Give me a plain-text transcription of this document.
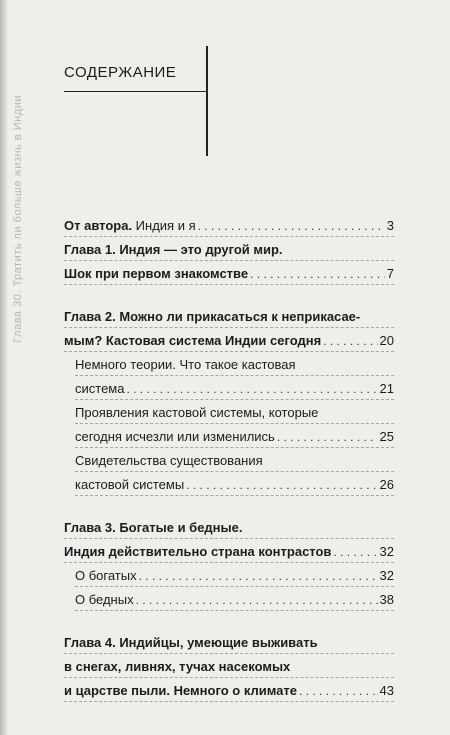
Глава 30. Тратить ли больше жизнь в Индии
СОДЕРЖАНИЕ
От автора. Индия и я . . .	3
Глава 1. Индия — это другой мир.
Шок при первом знакомстве . . .	7
Глава 2. Можно ли прикасаться к неприкасае-
мым? Кастовая система Индии сегодня . . .	20
Немного теории. Что такое кастовая
система . . .	21
Проявления кастовой системы, которые
сегодня исчезли или изменились . . .	25
Свидетельства существования
кастовой системы . . .	26
Глава 3. Богатые и бедные.
Индия действительно страна контрастов . . .	32
О богатых . . .	32
О бедных . . .	38
Глава 4. Индийцы, умеющие выживать
в снегах, ливнях, тучах насекомых
и царстве пыли. Немного о климате . . .	43
